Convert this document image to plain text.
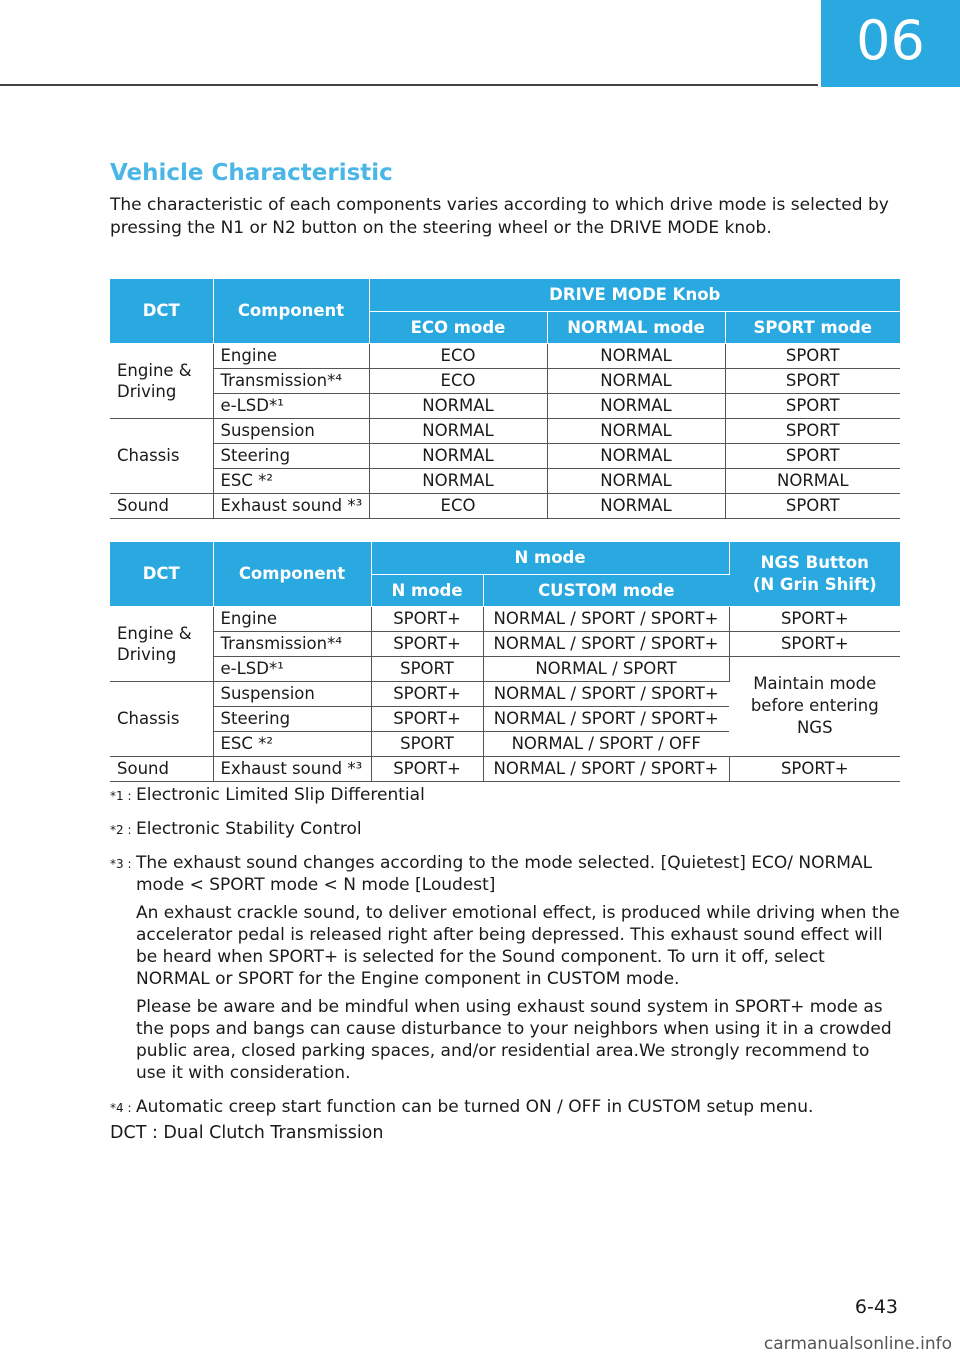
06
Vehicle Characteristic
The characteristic of each components varies according to which drive mode is selected by pressing the N1 or N2 button on the steering wheel or the DRIVE MODE knob.
DCT	Component	DRIVE MODE Knob		
		ECO mode	NORMAL mode	SPORT mode
Engine &
Driving	Engine	ECO	NORMAL	SPORT
	Transmission*⁴	ECO	NORMAL	SPORT
	e-LSD*¹	NORMAL	NORMAL	SPORT
Chassis	Suspension	NORMAL	NORMAL	SPORT
	Steering	NORMAL	NORMAL	SPORT
	ESC *²	NORMAL	NORMAL	NORMAL
Sound	Exhaust sound *³	ECO	NORMAL	SPORT
DCT	Component	N mode		NGS Button
(N Grin Shift)
		N mode	CUSTOM mode	
Engine &
Driving	Engine	SPORT+	NORMAL / SPORT / SPORT+	SPORT+
	Transmission*⁴	SPORT+	NORMAL / SPORT / SPORT+	SPORT+
	e-LSD*¹	SPORT	NORMAL / SPORT	Maintain mode
before entering
NGS
Chassis	Suspension	SPORT+	NORMAL / SPORT / SPORT+	
	Steering	SPORT+	NORMAL / SPORT / SPORT+	
	ESC *²	SPORT	NORMAL / SPORT / OFF	
Sound	Exhaust sound *³	SPORT+	NORMAL / SPORT / SPORT+	SPORT+
*1 : Electronic Limited Slip Differential

*2 : Electronic Stability Control

*3 : The exhaust sound changes according to the mode selected. [Quietest] ECO/ NORMAL mode < SPORT mode < N mode [Loudest]

An exhaust crackle sound, to deliver emotional effect, is produced while driving when the accelerator pedal is released right after being depressed. This exhaust sound effect will be heard when SPORT+ is selected for the Sound component. To urn it off, select NORMAL or SPORT for the Engine component in CUSTOM mode.

Please be aware and be mindful when using exhaust sound system in SPORT+ mode as the pops and bangs can cause disturbance to your neighbors when using it in a crowded public area, closed parking spaces, and/or residential area.We strongly recommend to use it with consideration.

*4 : Automatic creep start function can be turned ON / OFF in CUSTOM setup menu.

DCT : Dual Clutch Transmission
6-43
carmanualsonline.info
